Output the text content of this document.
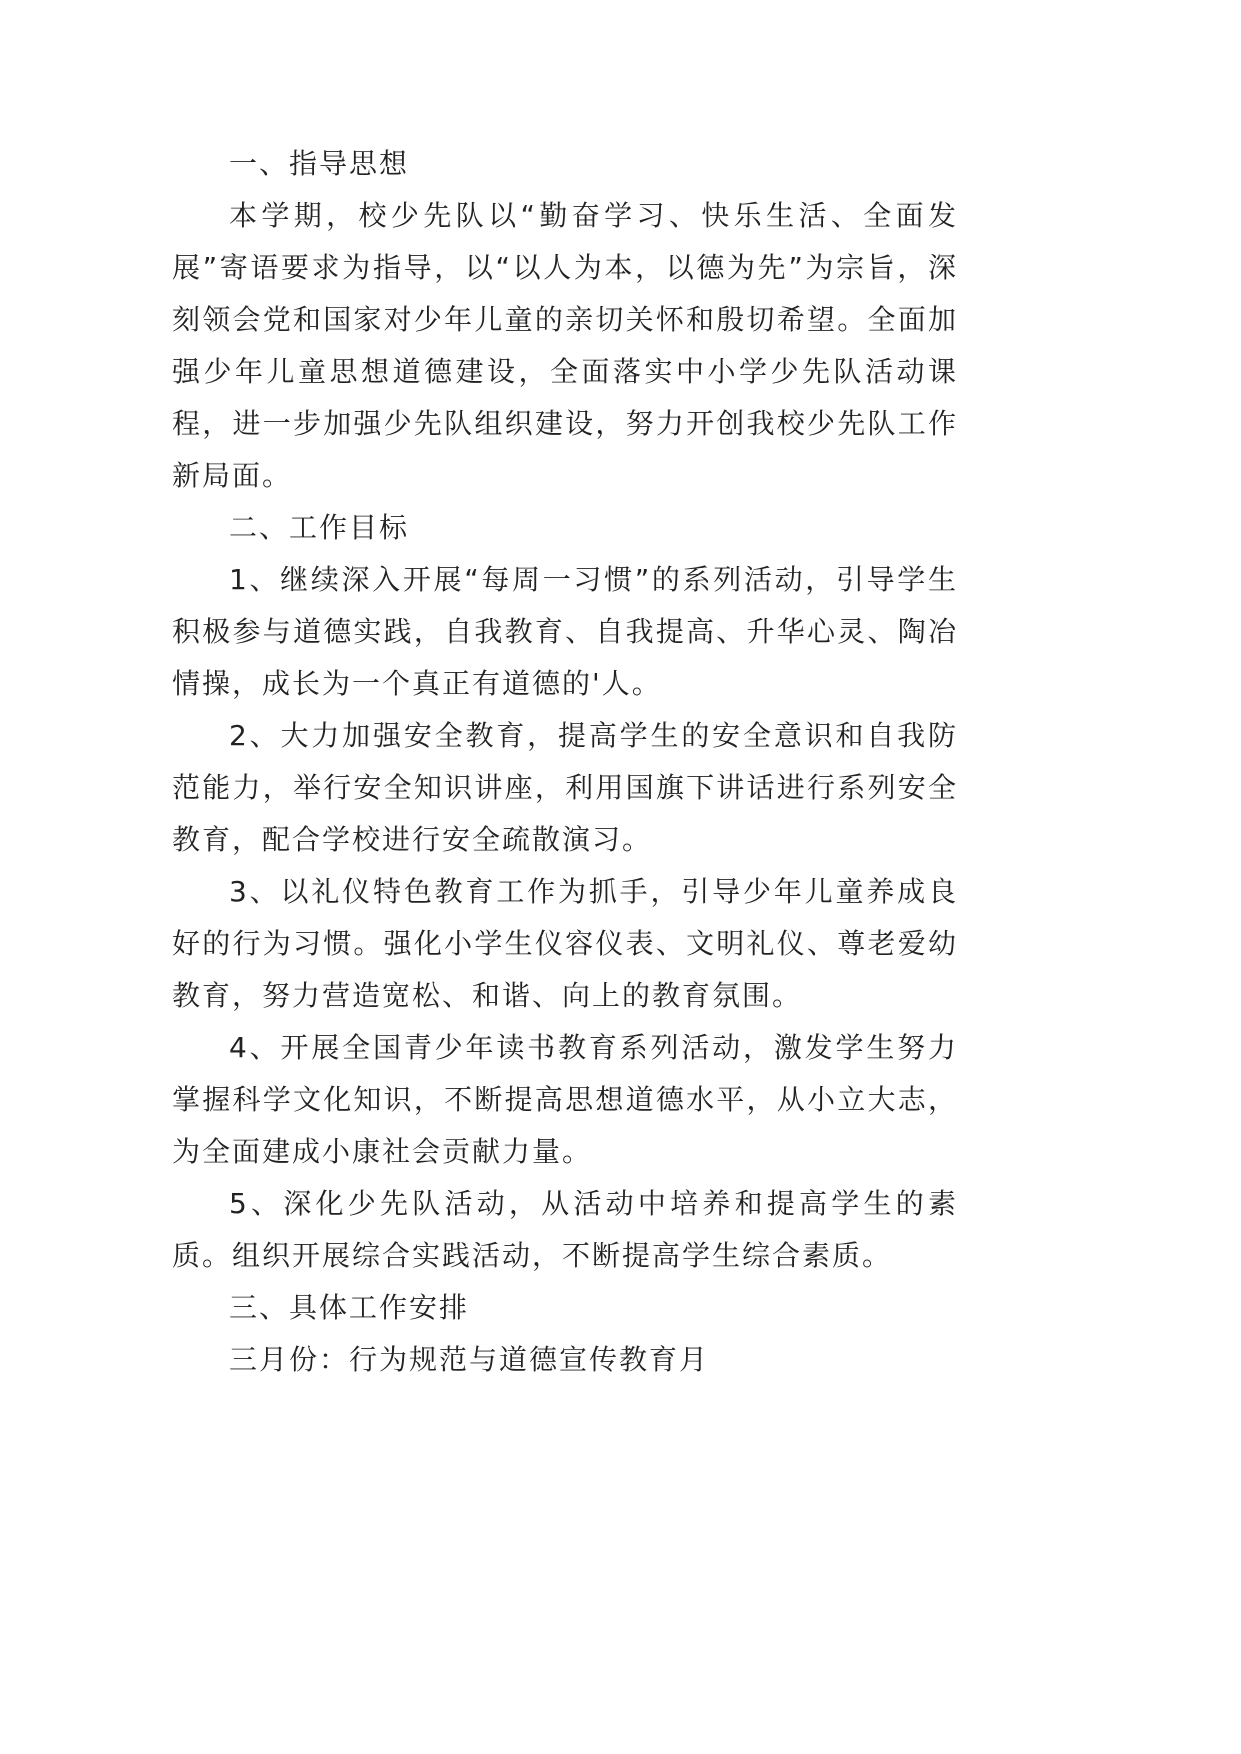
一、指导思想

本学期，校少先队以“勤奋学习、快乐生活、全面发展”寄语要求为指导，以“以人为本，以德为先”为宗旨，深刻领会党和国家对少年儿童的亲切关怀和殷切希望。全面加强少年儿童思想道德建设，全面落实中小学少先队活动课程，进一步加强少先队组织建设，努力开创我校少先队工作新局面。

二、工作目标

1、继续深入开展“每周一习惯”的系列活动，引导学生积极参与道德实践，自我教育、自我提高、升华心灵、陶冶情操，成长为一个真正有道德的'人。

2、大力加强安全教育，提高学生的安全意识和自我防范能力，举行安全知识讲座，利用国旗下讲话进行系列安全教育，配合学校进行安全疏散演习。

3、以礼仪特色教育工作为抓手，引导少年儿童养成良好的行为习惯。强化小学生仪容仪表、文明礼仪、尊老爱幼教育，努力营造宽松、和谐、向上的教育氛围。

4、开展全国青少年读书教育系列活动，激发学生努力掌握科学文化知识，不断提高思想道德水平，从小立大志，为全面建成小康社会贡献力量。

5、深化少先队活动，从活动中培养和提高学生的素质。组织开展综合实践活动，不断提高学生综合素质。

三、具体工作安排

三月份：行为规范与道德宣传教育月
